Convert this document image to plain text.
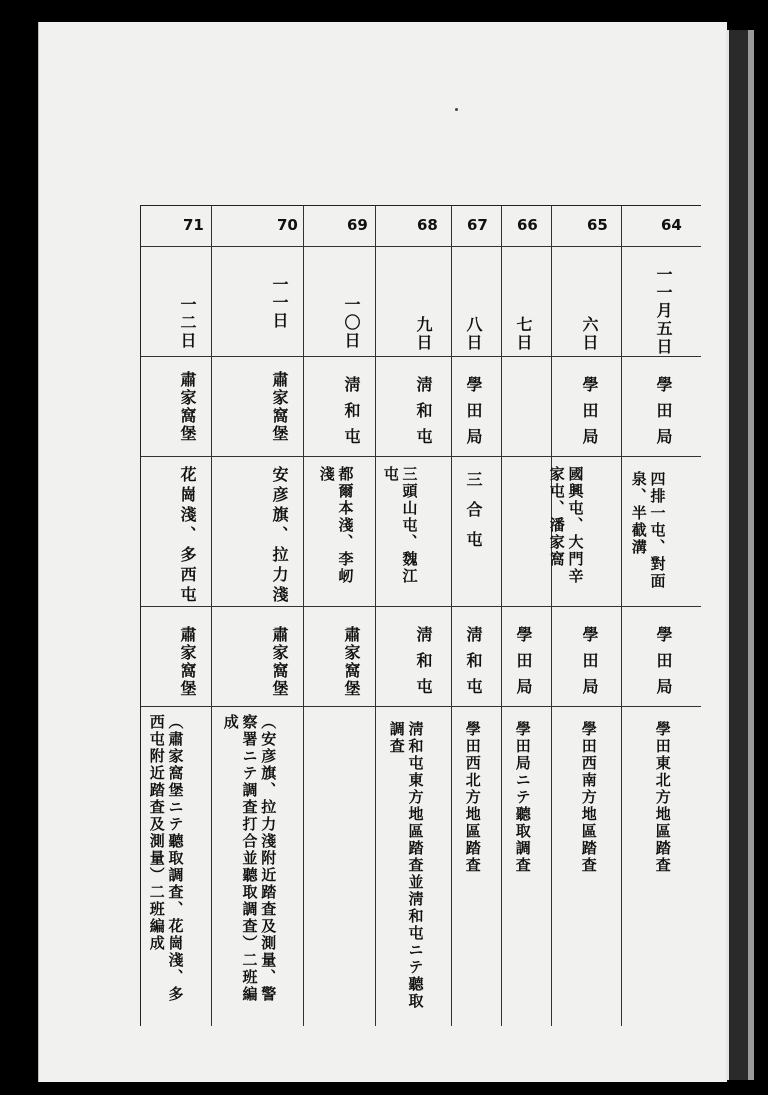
64
65
66
67
68
69
70
71
一一月五日
六日
七日
八日
九日
一〇日
一一日
一二日
學田局
學田局
學田局
淸和屯
淸和屯
肅家窩堡
肅家窩堡
四排一屯、對面泉、半截溝
國興屯、大門辛家屯、潘家窩
三合屯
三頭山屯、魏江屯
都爾本淺、李屻淺
安彦旗、拉力淺
花崗淺、多西屯
學田局
學田局
學田局
淸和屯
淸和屯
肅家窩堡
肅家窩堡
肅家窩堡
學田東北方地區踏査
學田西南方地區踏査
學田局ニテ聽取調査
學田西北方地區踏査
淸和屯東方地區踏査並淸和屯ニテ聽取調査
（安彦旗、拉力淺附近踏査及測量、警察署ニテ調査打合並聽取調査）二班編成
（肅家窩堡ニテ聽取調査、花崗淺、多西屯附近踏査及測量）二班編成
